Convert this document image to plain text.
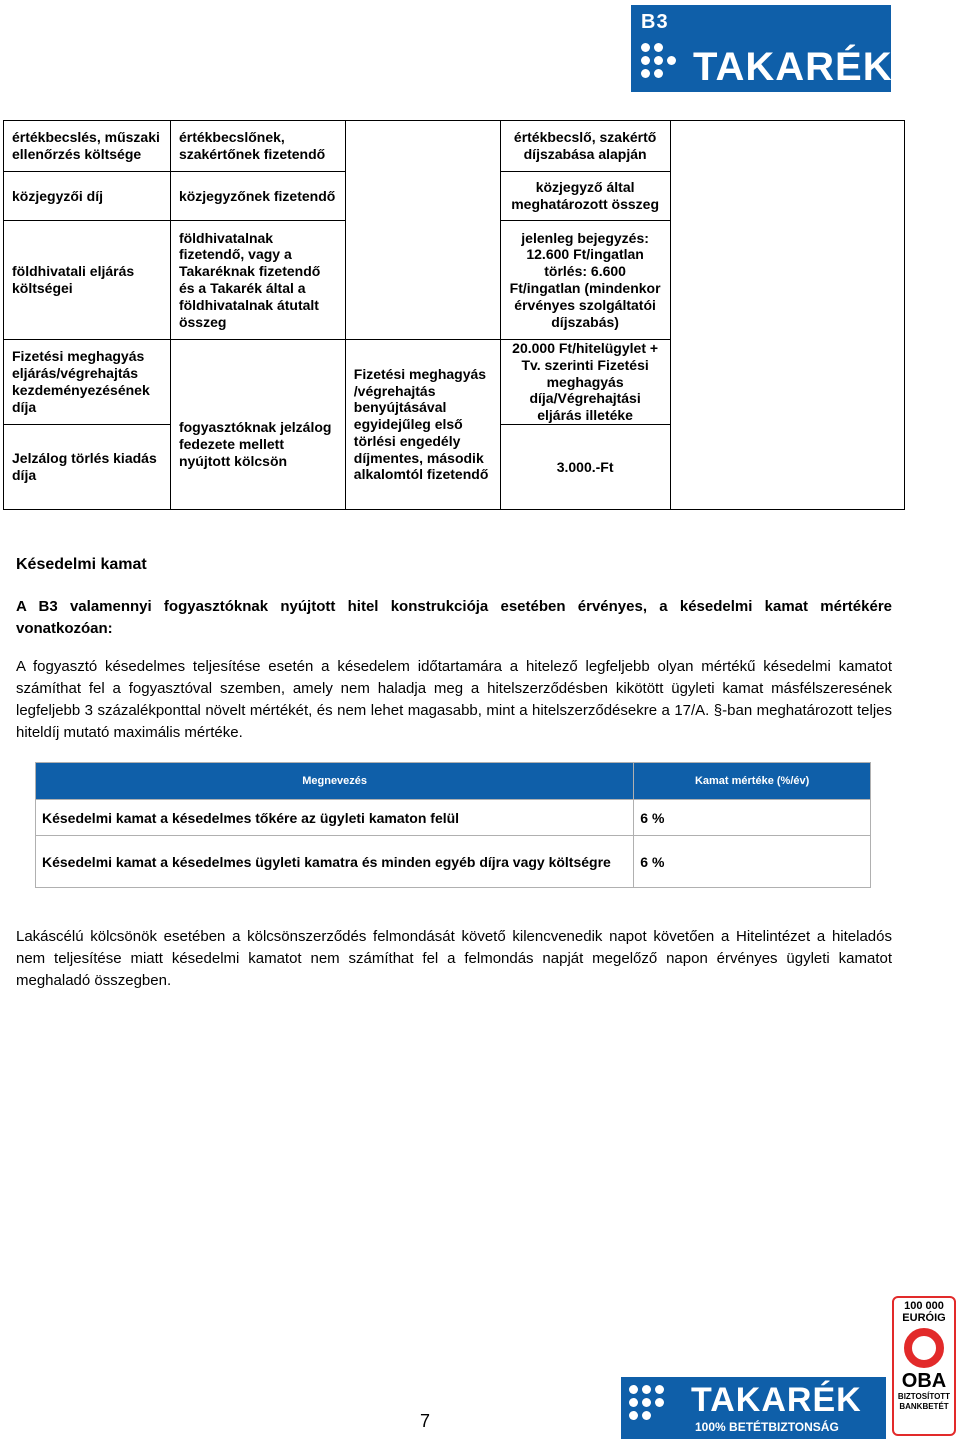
B3
TAKARÉK
értékbecslés, műszaki ellenőrzés költsége	értékbecslőnek, szakértőnek fizetendő		értékbecslő, szakértő díjszabása alapján	
közjegyzői díj	közjegyzőnek fizetendő		közjegyző által meghatározott összeg	
földhivatali eljárás költségei	földhivatalnak fizetendő, vagy a Takaréknak fizetendő és a Takarék által a földhivatalnak átutalt összeg		jelenleg bejegyzés: 12.600 Ft/ingatlan törlés: 6.600 Ft/ingatlan (mindenkor érvényes szolgáltatói díjszabás)	
Fizetési meghagyás eljárás/végrehajtás kezdeményezésének díja	fogyasztóknak jelzálog fedezete mellett nyújtott kölcsön	Fizetési meghagyás /végrehajtás benyújtásával egyidejűleg első törlési engedély díjmentes, második alkalomtól fizetendő	20.000 Ft/hitelügylet + Tv. szerinti Fizetési meghagyás díja/Végrehajtási eljárás illetéke	
Jelzálog törlés kiadás díja			3.000.-Ft	
Késedelmi kamat
A B3 valamennyi fogyasztóknak nyújtott hitel konstrukciója esetében érvényes, a késedelmi kamat mértékére vonatkozóan:
A fogyasztó késedelmes teljesítése esetén a késedelem időtartamára a hitelező legfeljebb olyan mértékű késedelmi kamatot számíthat fel a fogyasztóval szemben, amely nem haladja meg a hitelszerződésben kikötött ügyleti kamat másfélszeresének legfeljebb 3 százalékponttal növelt mértékét, és nem lehet magasabb, mint a hitelszerződésekre a 17/A. §-ban meghatározott teljes hiteldíj mutató maximális mértéke.
Megnevezés	Kamat mértéke (%/év)
Késedelmi kamat a késedelmes tőkére az ügyleti kamaton felül	6 %
Késedelmi kamat a késedelmes ügyleti kamatra és minden egyéb díjra vagy költségre	6 %
Lakáscélú kölcsönök esetében a kölcsönszerződés felmondását követő kilencvenedik napot követően a Hitelintézet a hiteladós nem teljesítése miatt késedelmi kamatot nem számíthat fel a felmondás napját megelőző napon érvényes ügyleti kamatot meghaladó összegben.
7
TAKARÉK
100% BETÉTBIZTONSÁG
100 000
EURÓIG
OBA
BIZTOSÍTOTT
BANKBETÉT
